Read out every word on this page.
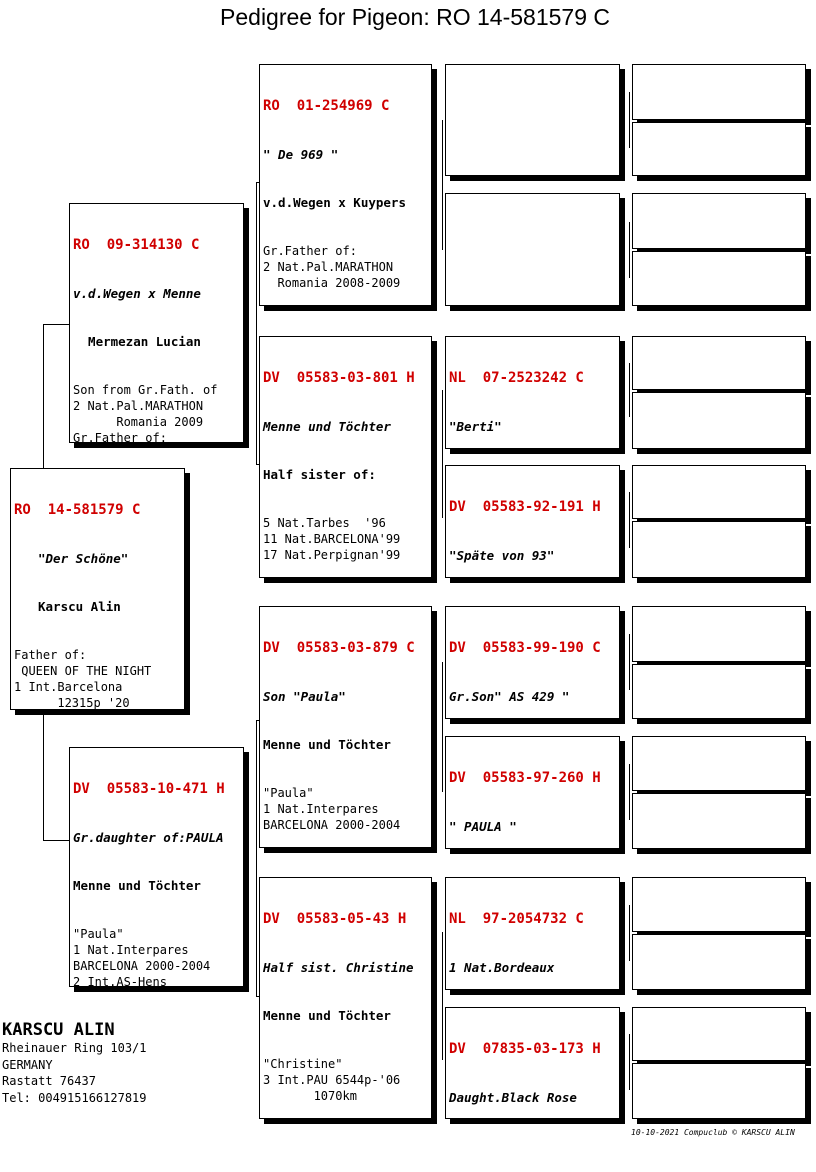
Pedigree for Pigeon: RO 14-581579 C

RO  14-581579 C

"Der Schöne"

Karscu Alin

Father of:
QUEEN OF THE NIGHT
1 Int.Barcelona
12315p '20

RO  09-314130 C

v.d.Wegen x Menne

Mermezan Lucian

Son from Gr.Fath. of
2 Nat.Pal.MARATHON
Romania 2009
Gr.Father of:

DV  05583-10-471 H

Gr.daughter of:PAULA

Menne und Töchter

"Paula"
1 Nat.Interpares
BARCELONA 2000-2004
2 Int.AS-Hens

RO  01-254969 C

" De 969 "

v.d.Wegen x Kuypers

Gr.Father of:
2 Nat.Pal.MARATHON
Romania 2008-2009

DV  05583-03-801 H

Menne und Töchter

Half sister of:

5 Nat.Tarbes  '96
11 Nat.BARCELONA'99
17 Nat.Perpignan'99

DV  05583-03-879 C

Son "Paula"

Menne und Töchter

"Paula"
1 Nat.Interpares
BARCELONA 2000-2004

DV  05583-05-43 H

Half sist. Christine

Menne und Töchter

"Christine"
3 Int.PAU 6544p-'06
1070km

NL  07-2523242 C

"Berti"

DV  05583-92-191 H

"Späte von 93"

DV  05583-99-190 C

Gr.Son" AS 429 "

DV  05583-97-260 H

" PAULA "

NL  97-2054732 C

1 Nat.Bordeaux

DV  07835-03-173 H

Daught.Black Rose

KARSCU ALIN
Rheinauer Ring 103/1
GERMANY
Rastatt 76437
Tel: 004915166127819
10-10-2021 Compuclub © KARSCU ALIN
